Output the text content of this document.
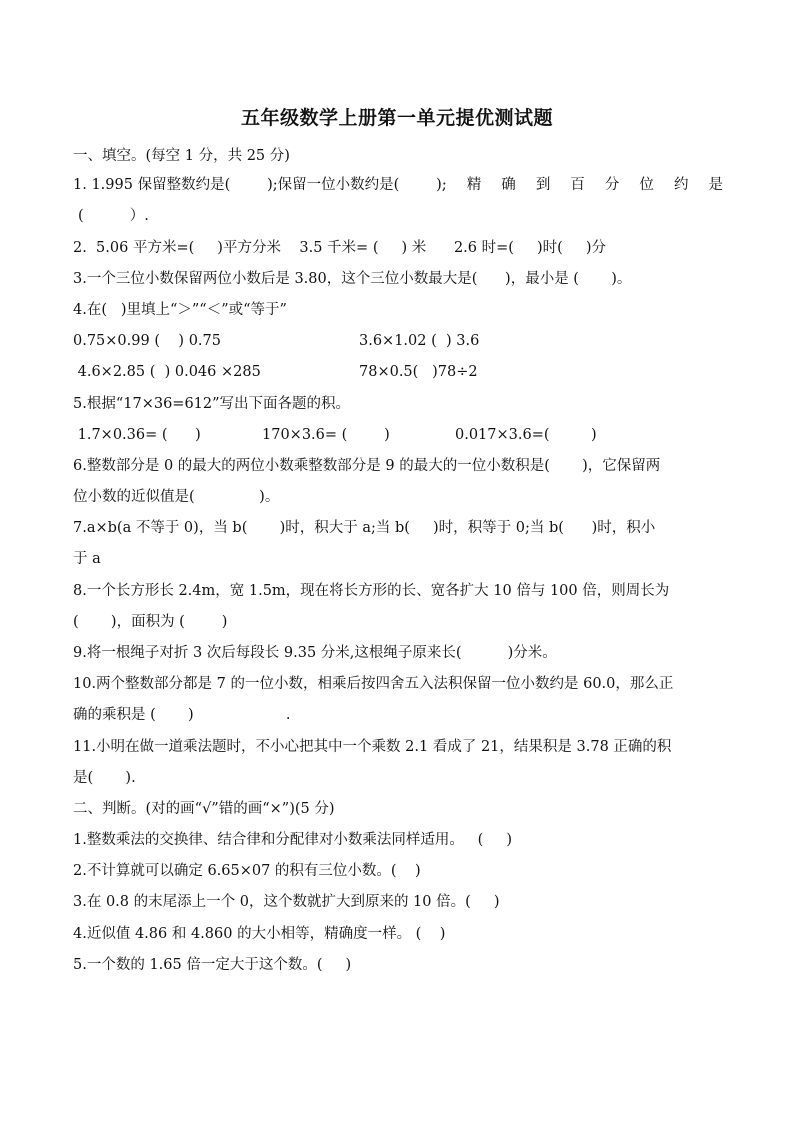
五年级数学上册第一单元提优测试题
一、填空。(每空 1 分，共 25 分)
1. 1.995 保留整数约是(        );保留一位小数约是(        ); 精 确 到 百 分 位 约 是
(          ）.
2.  5.06 平方米=(     )平方分米    3.5 千米= (     ) 米      2.6 时=(     )时(     )分
3.一个三位小数保留两位小数后是 3.80，这个三位小数最大是(      )，最小是 (       )。
4.在(   )里填上“＞”“＜”或“等于”
0.75×0.99 (    ) 0.75	3.6×1.02 (  ) 3.6
4.6×2.85 (  ) 0.046 ×285	78×0.5(   )78÷2
5.根据“17×36=612”写出下面各题的积。
1.7×0.36= (      )	170×3.6= (        )	0.017×3.6=(         )
6.整数部分是 0 的最大的两位小数乘整数部分是 9 的最大的一位小数积是(       )，它保留两
位小数的近似值是(              )。
7.a×b(a 不等于 0)，当 b(       )时，积大于 a;当 b(     )时，积等于 0;当 b(      )时，积小
于 a
8.一个长方形长 2.4m，宽 1.5m，现在将长方形的长、宽各扩大 10 倍与 100 倍，则周长为
(       )，面积为 (        )
9.将一根绳子对折 3 次后每段长 9.35 分米,这根绳子原来长(          )分米。
10.两个整数部分都是 7 的一位小数，相乘后按四舍五入法积保留一位小数约是 60.0，那么正
确的乘积是 (       )                    .
11.小明在做一道乘法题时，不小心把其中一个乘数 2.1 看成了 21，结果积是 3.78 正确的积
是(       ).
二、判断。(对的画“√”错的画“×”)(5 分)
1.整数乘法的交换律、结合律和分配律对小数乘法同样适用。   (     )
2.不计算就可以确定 6.65×07 的积有三位小数。(    )
3.在 0.8 的末尾添上一个 0，这个数就扩大到原来的 10 倍。(     )
4.近似值 4.86 和 4.860 的大小相等，精确度一样。 (    )
5.一个数的 1.65 倍一定大于这个数。(     )
